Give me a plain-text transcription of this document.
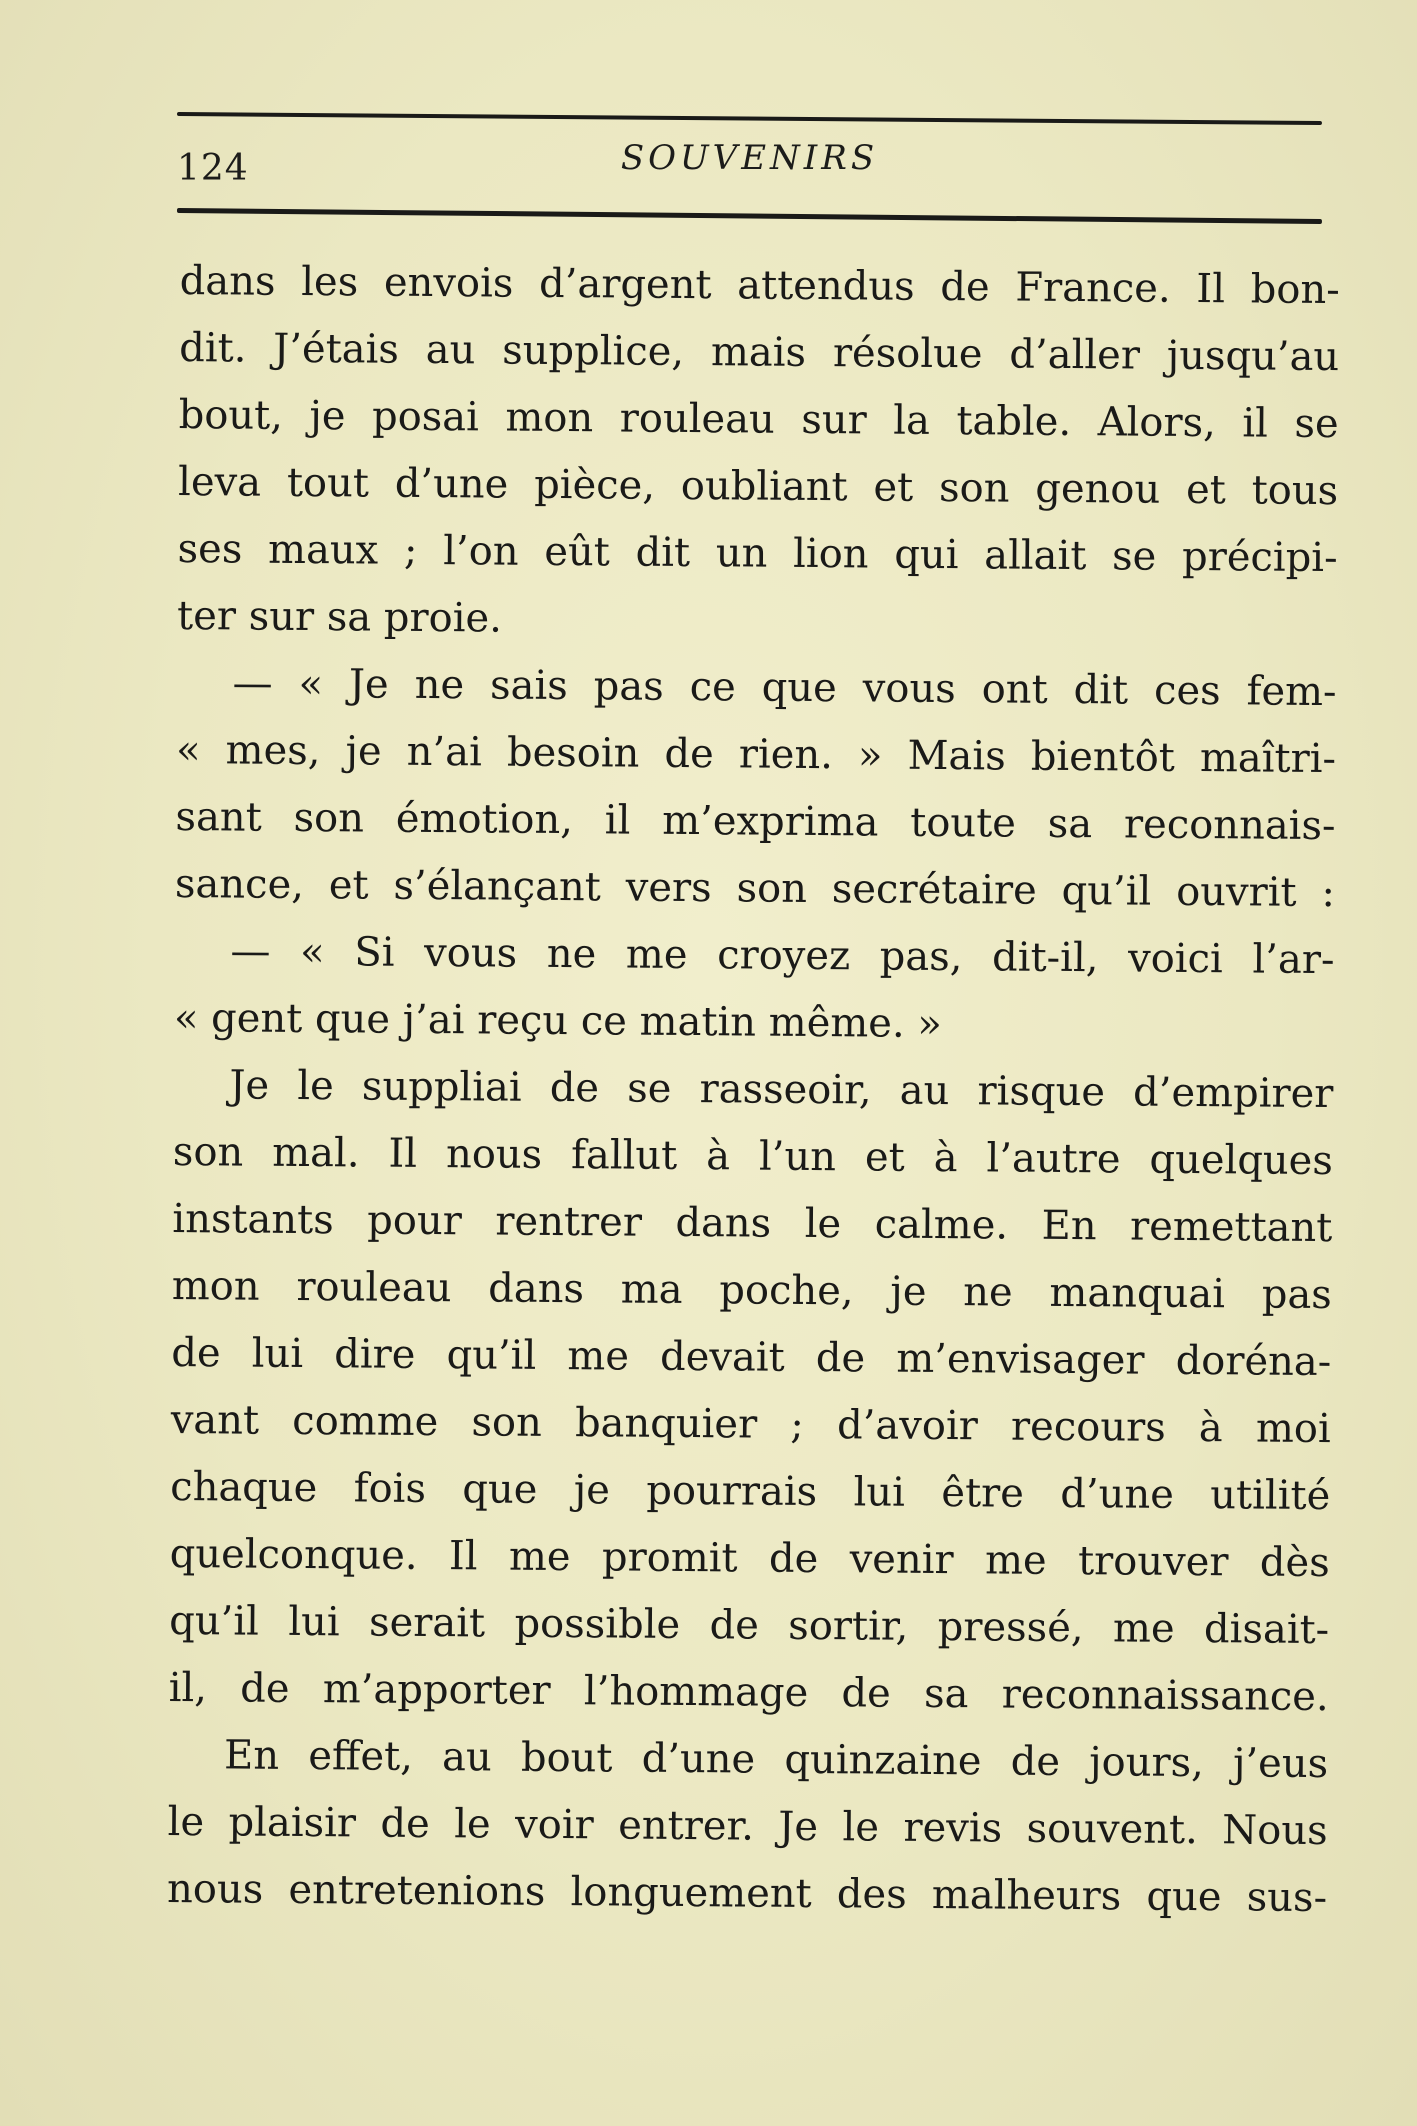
124	SOUVENIRS
dans les envois d’argent attendus de France. Il bon-
dit. J’étais au supplice, mais résolue d’aller jusqu’au
bout, je posai mon rouleau sur la table. Alors, il se
leva tout d’une pièce, oubliant et son genou et tous
ses maux ; l’on eût dit un lion qui allait se précipi-
ter sur sa proie.
— « Je ne sais pas ce que vous ont dit ces fem-
« mes, je n’ai besoin de rien. » Mais bientôt maîtri-
sant son émotion, il m’exprima toute sa reconnais-
sance, et s’élançant vers son secrétaire qu’il ouvrit :
— « Si vous ne me croyez pas, dit-il, voici l’ar-
« gent que j’ai reçu ce matin même. »
Je le suppliai de se rasseoir, au risque d’empirer
son mal. Il nous fallut à l’un et à l’autre quelques
instants pour rentrer dans le calme. En remettant
mon rouleau dans ma poche, je ne manquai pas
de lui dire qu’il me devait de m’envisager doréna-
vant comme son banquier ; d’avoir recours à moi
chaque fois que je pourrais lui être d’une utilité
quelconque. Il me promit de venir me trouver dès
qu’il lui serait possible de sortir, pressé, me disait-
il, de m’apporter l’hommage de sa reconnaissance.
En effet, au bout d’une quinzaine de jours, j’eus
le plaisir de le voir entrer. Je le revis souvent. Nous
nous entretenions longuement des malheurs que sus-
